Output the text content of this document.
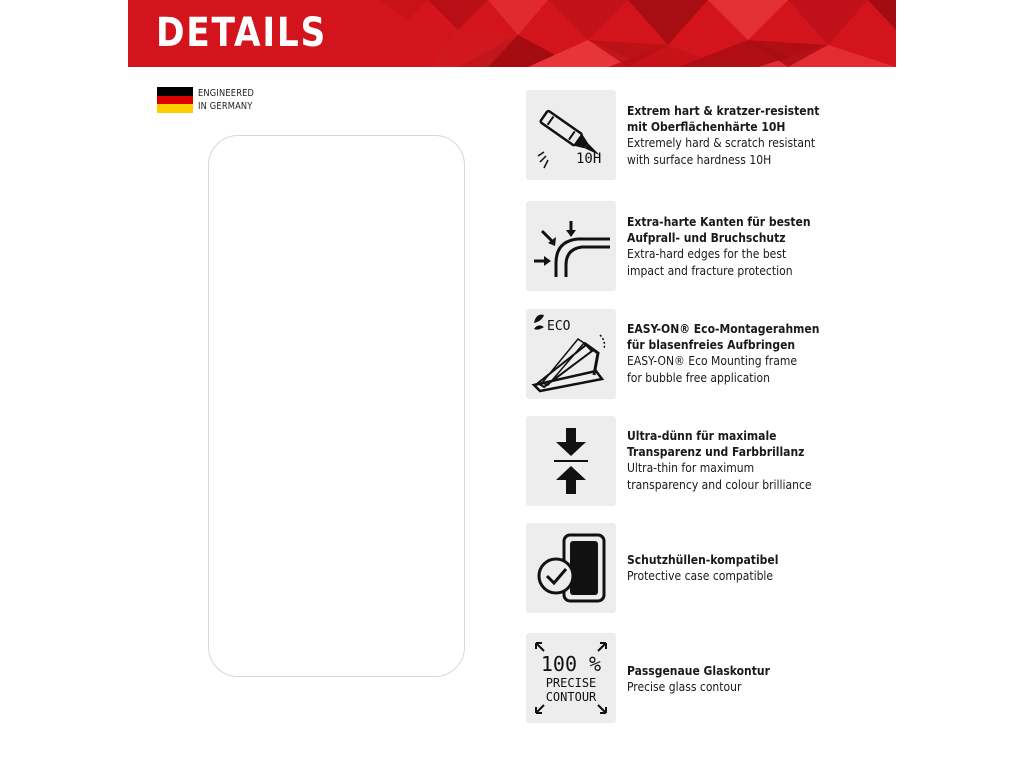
DETAILS
ENGINEERED
IN GERMANY
10H
Extrem hart & kratzer-resistent
mit Oberflächenhärte 10H
Extremely hard & scratch resistant
with surface hardness 10H
Extra-harte Kanten für besten
Aufprall- und Bruchschutz
Extra-hard edges for the best
impact and fracture protection
ECO	EASY-ON® Eco-Montagerahmen
für blasenfreies Aufbringen
EASY-ON® Eco Mounting frame
for bubble free application
Ultra-dünn für maximale
Transparenz und Farbbrillanz
Ultra-thin for maximum
transparency and colour brilliance
Schutzhüllen-kompatibel
Protective case compatible
100 %
PRECISE
CONTOUR
Passgenaue Glaskontur
Precise glass contour
